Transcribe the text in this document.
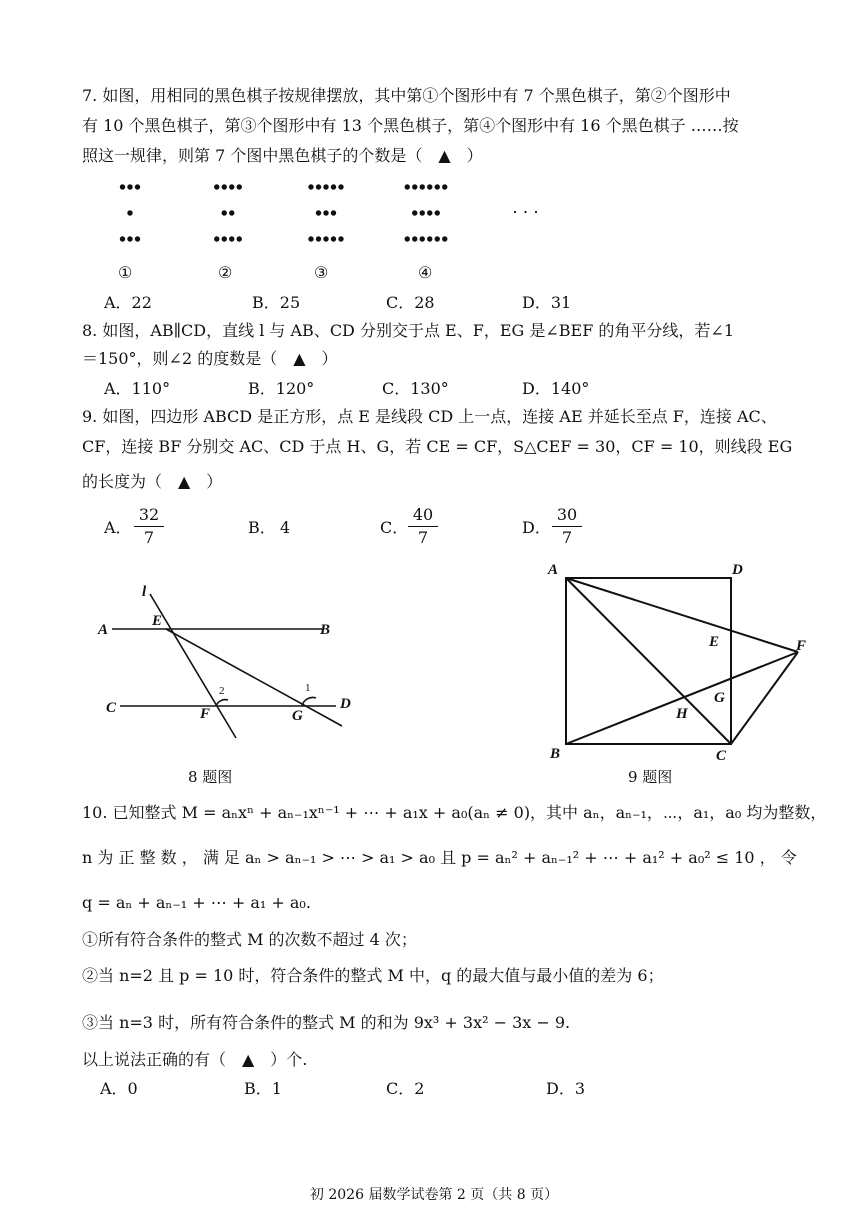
7. 如图，用相同的黑色棋子按规律摆放，其中第①个图形中有 7 个黑色棋子，第②个图形中
有 10 个黑色棋子，第③个图形中有 13 个黑色棋子，第④个图形中有 16 个黑色棋子 ……按
照这一规律，则第 7 个图中黑色棋子的个数是（　▲　）
· · ·
①	②	③	④
A．22	B．25	C．28	D．31
8. 如图，AB∥CD，直线 l 与 AB、CD 分别交于点 E、F，EG 是∠BEF 的角平分线，若∠1
＝150°，则∠2 的度数是（　▲　）
A．110°	B．120°	C．130°	D．140°
9. 如图，四边形 ABCD 是正方形，点 E 是线段 CD 上一点，连接 AE 并延长至点 F，连接 AC、
CF，连接 BF 分别交 AC、CD 于点 H、G，若 CE = CF，S△CEF = 30，CF = 10，则线段 EG
的长度为（　▲　）
A．
32
7
B． 4	C．
40
7
D．
30
7
l
A
E
B
C	F	G
D
2	1
8 题图
A	D
E	F
G
H
B	C
9 题图
10. 已知整式 M = aₙxⁿ + aₙ₋₁xⁿ⁻¹ + ⋯ + a₁x + a₀(aₙ ≠ 0)，其中 aₙ，aₙ₋₁，⋯，a₁，a₀ 均为整数，
n 为 正 整 数 ， 满 足 aₙ > aₙ₋₁ > ⋯ > a₁ > a₀ 且 p = aₙ² + aₙ₋₁² + ⋯ + a₁² + a₀² ≤ 10 ， 令
q = aₙ + aₙ₋₁ + ⋯ + a₁ + a₀.
①所有符合条件的整式 M 的次数不超过 4 次；
②当 n=2 且 p = 10 时，符合条件的整式 M 中，q 的最大值与最小值的差为 6；
③当 n=3 时，所有符合条件的整式 M 的和为 9x³ + 3x² − 3x − 9.
以上说法正确的有（　▲　）个.
A．0	B．1	C．2	D．3
初 2026 届数学试卷第 2 页（共 8 页）
